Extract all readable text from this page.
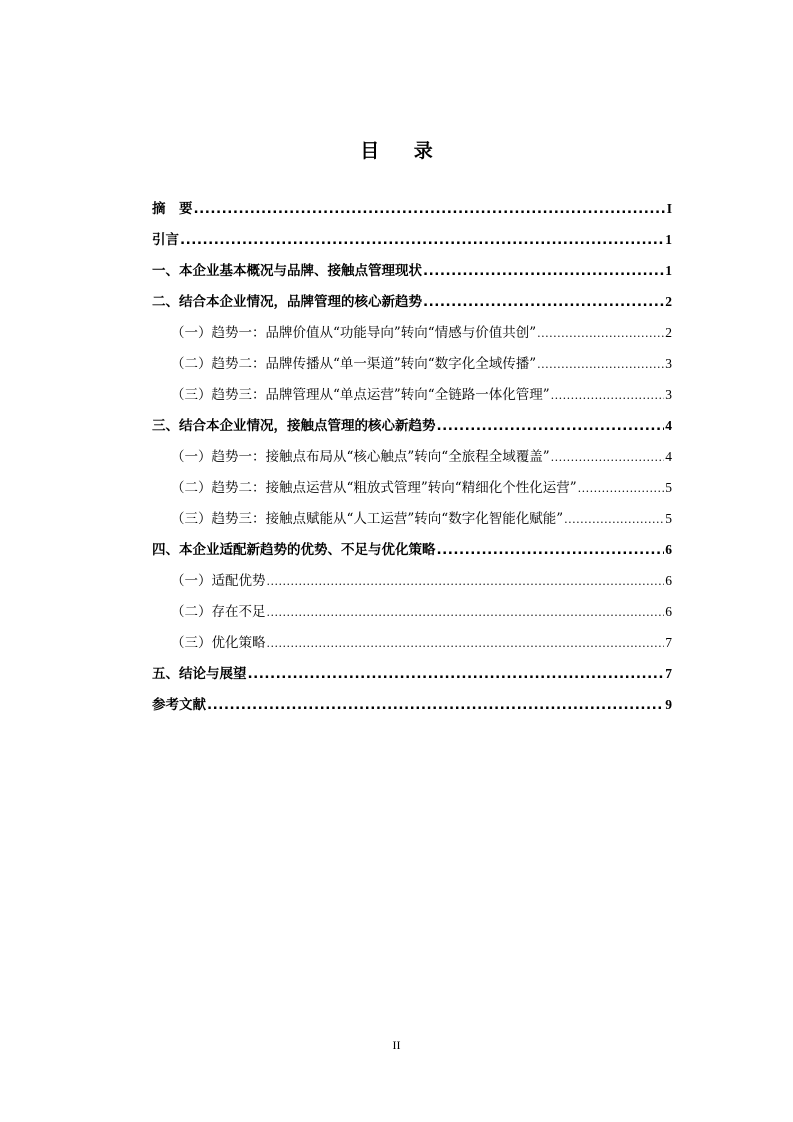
目 录
摘　要 .....	I
引言 .....	1
一、 本企业基本概况与品牌、接触点管理现状 .....	1
二、 结合本企业情况，品牌管理的核心新趋势 .....	2
（一） 趋势一：品牌价值从“功能导向”转向“情感与价值共创” .....	2
（二） 趋势二：品牌传播从“单一渠道”转向“数字化全域传播” .....	3
（三） 趋势三：品牌管理从“单点运营”转向“全链路一体化管理” .....	3
三、 结合本企业情况，接触点管理的核心新趋势 .....	4
（一） 趋势一：接触点布局从“核心触点”转向“全旅程全域覆盖” .....	4
（二） 趋势二：接触点运营从“粗放式管理”转向“精细化个性化运营” .....	5
（三） 趋势三：接触点赋能从“人工运营”转向“数字化智能化赋能” .....	5
四、 本企业适配新趋势的优势、不足与优化策略 .....	6
（一） 适配优势 .....	6
（二） 存在不足 .....	6
（三） 优化策略 .....	7
五、 结论与展望 .....	7
参考文献 .....	9
II
